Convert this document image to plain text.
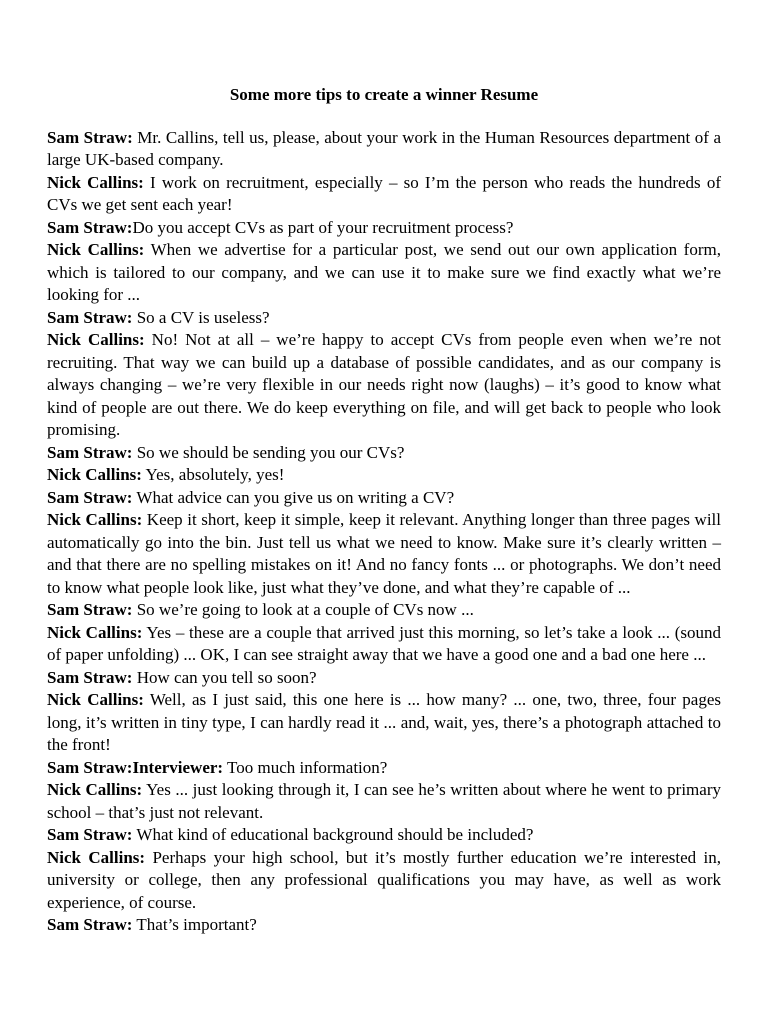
Some more tips to create a winner Resume

Sam Straw: Mr. Callins, tell us, please, about your work in the Human Resources department of a large UK-based company.

Nick Callins: I work on recruitment, especially – so I’m the person who reads the hundreds of CVs we get sent each year!

Sam Straw:Do you accept CVs as part of your recruitment process?

Nick Callins: When we advertise for a particular post, we send out our own application form, which is tailored to our company, and we can use it to make sure we find exactly what we’re looking for ...

Sam Straw: So a CV is useless?

Nick Callins: No! Not at all – we’re happy to accept CVs from people even when we’re not recruiting. That way we can build up a database of possible candidates, and as our company is always changing – we’re very flexible in our needs right now (laughs) – it’s good to know what kind of people are out there. We do keep everything on file, and will get back to people who look promising.

Sam Straw: So we should be sending you our CVs?

Nick Callins: Yes, absolutely, yes!

Sam Straw: What advice can you give us on writing a CV?

Nick Callins: Keep it short, keep it simple, keep it relevant. Anything longer than three pages will automatically go into the bin. Just tell us what we need to know. Make sure it’s clearly written – and that there are no spelling mistakes on it! And no fancy fonts ... or photographs. We don’t need to know what people look like, just what they’ve done, and what they’re capable of ...

Sam Straw: So we’re going to look at a couple of CVs now ...

Nick Callins: Yes – these are a couple that arrived just this morning, so let’s take a look ... (sound of paper unfolding) ... OK, I can see straight away that we have a good one and a bad one here ...

Sam Straw: How can you tell so soon?

Nick Callins: Well, as I just said, this one here is ... how many? ... one, two, three, four pages long, it’s written in tiny type, I can hardly read it ... and, wait, yes, there’s a photograph attached to the front!

Sam Straw:Interviewer: Too much information?

Nick Callins: Yes ... just looking through it, I can see he’s written about where he went to primary school – that’s just not relevant.

Sam Straw: What kind of educational background should be included?

Nick Callins: Perhaps your high school, but it’s mostly further education we’re interested in, university or college, then any professional qualifications you may have, as well as work experience, of course.

Sam Straw: That’s important?
